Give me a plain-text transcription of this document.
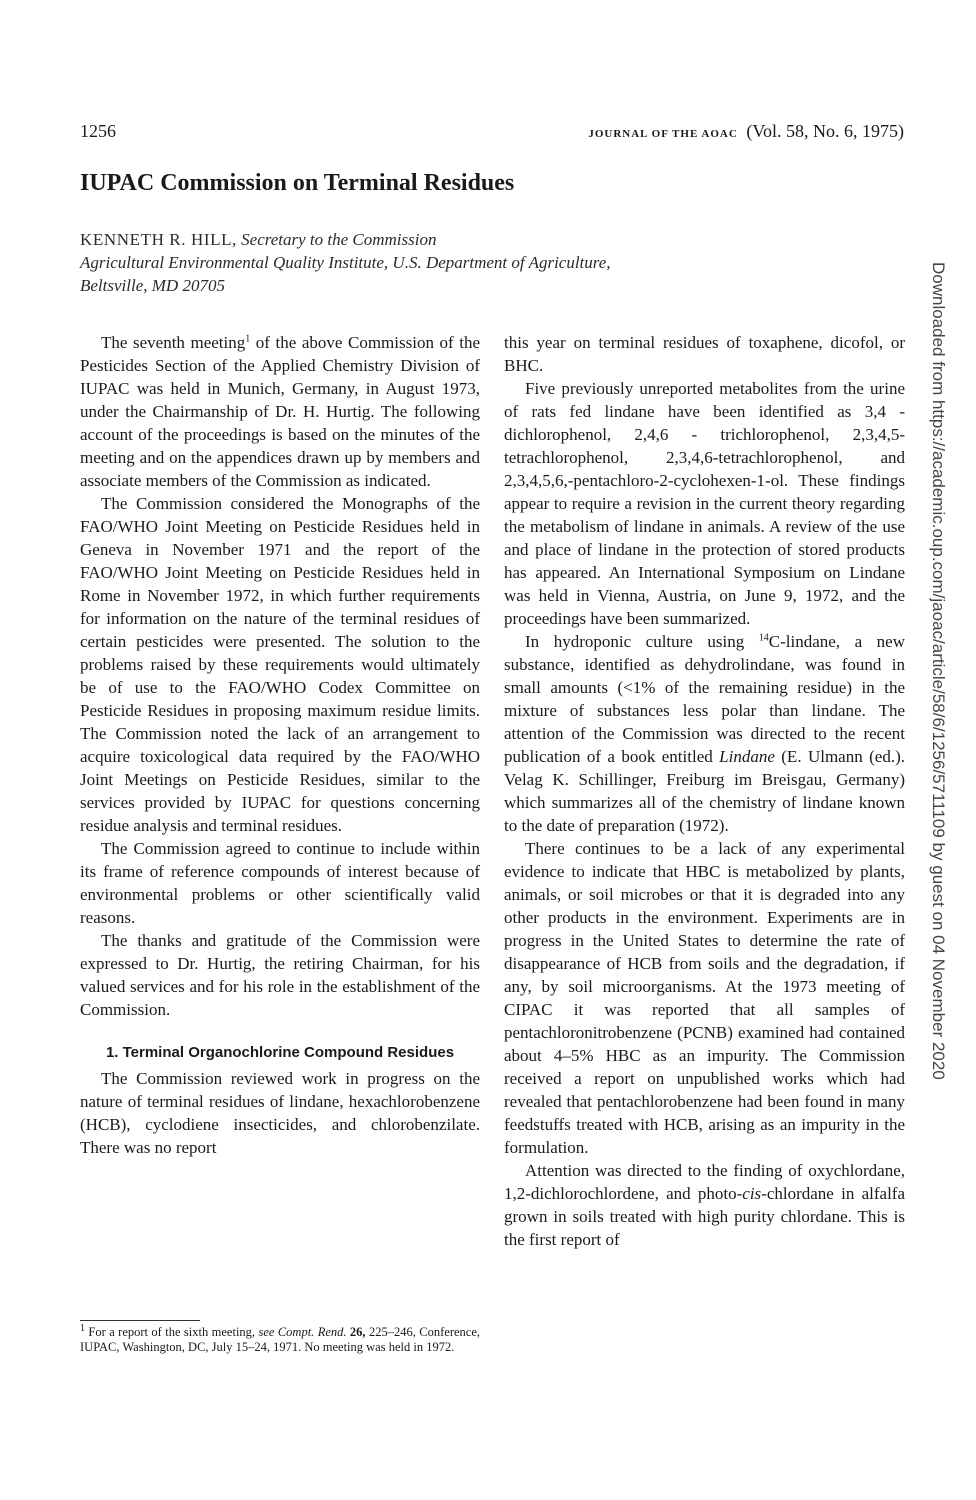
1256	JOURNAL OF THE AOAC (Vol. 58, No. 6, 1975)
IUPAC Commission on Terminal Residues
KENNETH R. HILL, Secretary to the Commission
Agricultural Environmental Quality Institute, U.S. Department of Agriculture,
Beltsville, MD 20705

The seventh meeting$^1$ of the above Commission of the Pesticides Section of the Applied Chemistry Division of IUPAC was held in Munich, Germany, in August 1973, under the Chairmanship of Dr. H. Hurtig. The following account of the proceedings is based on the minutes of the meeting and on the appendices drawn up by members and associate members of the Commission as indicated.

The Commission considered the Monographs of the FAO/WHO Joint Meeting on Pesticide Residues held in Geneva in November 1971 and the report of the FAO/WHO Joint Meeting on Pesticide Residues held in Rome in November 1972, in which further requirements for information on the nature of the terminal residues of certain pesticides were presented. The solution to the problems raised by these requirements would ultimately be of use to the FAO/WHO Codex Committee on Pesticide Residues in proposing maximum residue limits. The Commission noted the lack of an arrangement to acquire toxicological data required by the FAO/WHO Joint Meetings on Pesticide Residues, similar to the services provided by IUPAC for questions concerning residue analysis and terminal residues.

The Commission agreed to continue to include within its frame of reference compounds of interest because of environmental problems or other scientifically valid reasons.

The thanks and gratitude of the Commission were expressed to Dr. Hurtig, the retiring Chairman, for his valued services and for his role in the establishment of the Commission.

1. Terminal Organochlorine Compound Residues

The Commission reviewed work in progress on the nature of terminal residues of lindane, hexachlorobenzene (HCB), cyclodiene insecticides, and chlorobenzilate. There was no report

this year on terminal residues of toxaphene, dicofol, or BHC.

Five previously unreported metabolites from the urine of rats fed lindane have been identified as 3,4 - dichlorophenol, 2,4,6 - trichlorophenol, 2,3,4,5-tetrachlorophenol, 2,3,4,6-tetrachlorophenol, and 2,3,4,5,6,-pentachloro-2-cyclohexen-1-ol. These findings appear to require a revision in the current theory regarding the metabolism of lindane in animals. A review of the use and place of lindane in the protection of stored products has appeared. An International Symposium on Lindane was held in Vienna, Austria, on June 9, 1972, and the proceedings have been summarized.

In hydroponic culture using $^{14}$C-lindane, a new substance, identified as dehydrolindane, was found in small amounts (<1% of the remaining residue) in the mixture of substances less polar than lindane. The attention of the Commission was directed to the recent publication of a book entitled Lindane (E. Ulmann (ed.). Velag K. Schillinger, Freiburg im Breisgau, Germany) which summarizes all of the chemistry of lindane known to the date of preparation (1972).

There continues to be a lack of any experimental evidence to indicate that HBC is metabolized by plants, animals, or soil microbes or that it is degraded into any other products in the environment. Experiments are in progress in the United States to determine the rate of disappearance of HCB from soils and the degradation, if any, by soil microorganisms. At the 1973 meeting of CIPAC it was reported that all samples of pentachloronitrobenzene (PCNB) examined had contained about 4–5% HBC as an impurity. The Commission received a report on unpublished works which had revealed that pentachlorobenzene had been found in many feedstuffs treated with HCB, arising as an impurity in the formulation.

Attention was directed to the finding of oxychlordane, 1,2-dichlorochlordene, and photo-cis-chlordane in alfalfa grown in soils treated with high purity chlordane. This is the first report of

$^1$ For a report of the sixth meeting, see Compt. Rend. 26, 225–246, Conference, IUPAC, Washington, DC, July 15–24, 1971. No meeting was held in 1972.
Downloaded from https://academic.oup.com/jaoac/article/58/6/1256/5711109 by guest on 04 November 2020
